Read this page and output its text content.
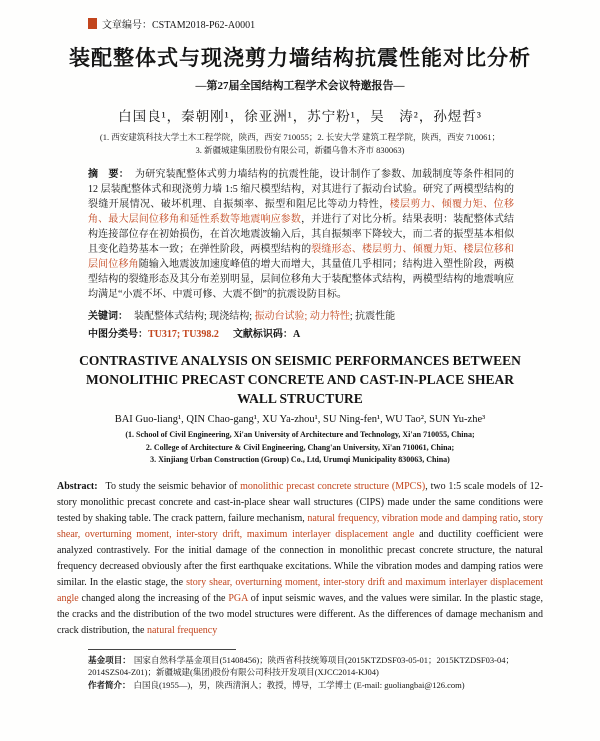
文章编号：CSTAM2018-P62-A0001
装配整体式与现浇剪力墙结构抗震性能对比分析
—第27届全国结构工程学术会议特邀报告—
白国良¹，秦朝刚¹，徐亚洲¹，苏宁粉¹，吴　涛²，孙煜哲³
(1. 西安建筑科技大学土木工程学院，陕西，西安 710055；2. 长安大学 建筑工程学院，陕西，西安 710061；
3. 新疆城建集团股份有限公司，新疆乌鲁木齐市 830063)

摘　要： 为研究装配整体式剪力墙结构的抗震性能，设计制作了参数、加载制度等条件相同的 12 层装配整体式和现浇剪力墙 1:5 缩尺模型结构，对其进行了振动台试验。研究了两模型结构的裂缝开展情况、破坏机理、自振频率、振型和阻尼比等动力特性，楼层剪力、倾覆力矩、位移角、最大层间位移角和延性系数等地震响应参数，并进行了对比分析。结果表明：装配整体式结构连接部位存在初始损伤，在首次地震波输入后，其自振频率下降较大，而二者的振型基本相似且变化趋势基本一致；在弹性阶段，两模型结构的裂缝形态、楼层剪力、倾覆力矩、楼层位移和层间位移角随输入地震波加速度峰值的增大而增大，其量值几乎相同；结构进入塑性阶段，两模型结构的裂缝形态及其分布差别明显，层间位移角大于装配整体式结构，两模型结构的地震响应均满足“小震不坏、中震可修、大震不倒”的抗震设防目标。

关键词： 装配整体式结构; 现浇结构; 振动台试验; 动力特性; 抗震性能

中图分类号：TU317; TU398.2 文献标识码：A

CONTRASTIVE ANALYSIS ON SEISMIC PERFORMANCES BETWEEN
MONOLITHIC PRECAST CONCRETE AND CAST-IN-PLACE SHEAR
WALL STRUCTURE
BAI Guo-liang¹, QIN Chao-gang¹, XU Ya-zhou¹, SU Ning-fen¹, WU Tao², SUN Yu-zhe³
(1. School of Civil Engineering, Xi'an University of Architecture and Technology, Xi'an 710055, China;
2. College of Architecture & Civil Engineering, Chang'an University, Xi'an 710061, China;
3. Xinjiang Urban Construction (Group) Co., Ltd, Urumqi Municipality 830063, China)

Abstract: To study the seismic behavior of monolithic precast concrete structure (MPCS), two 1:5 scale models of 12-story monolithic precast concrete and cast-in-place shear wall structures (CIPS) made under the same conditions were tested by shaking table. The crack pattern, failure mechanism, natural frequency, vibration mode and damping ratio, story shear, overturning moment, inter-story drift, maximum interlayer displacement angle and ductility coefficient were analyzed contrastively. For the initial damage of the connection in monolithic precast concrete structure, the natural frequency decreased obviously after the first earthquake excitations. While the vibration modes and damping ratios were similar. In the elastic stage, the story shear, overturning moment, inter-story drift and maximum interlayer displacement angle changed along the increasing of the PGA of input seismic waves, and the values were similar. In the plastic stage, the cracks and the distribution of the two model structures were different. As the differences of damage mechanism and crack distribution, the natural frequency

基金项目： 国家自然科学基金项目(51408456)；陕西省科技统筹项目(2015KTZDSF03-05-01；2015KTZDSF03-04；2014SZS04-Z01)；新疆城建(集团)股份有限公司科技开发项目(XJCC2014-KJ04)

作者简介： 白国良(1955—)，男，陕西清涧人；教授，博导，工学博士 (E-mail: guoliangbai@126.com)
